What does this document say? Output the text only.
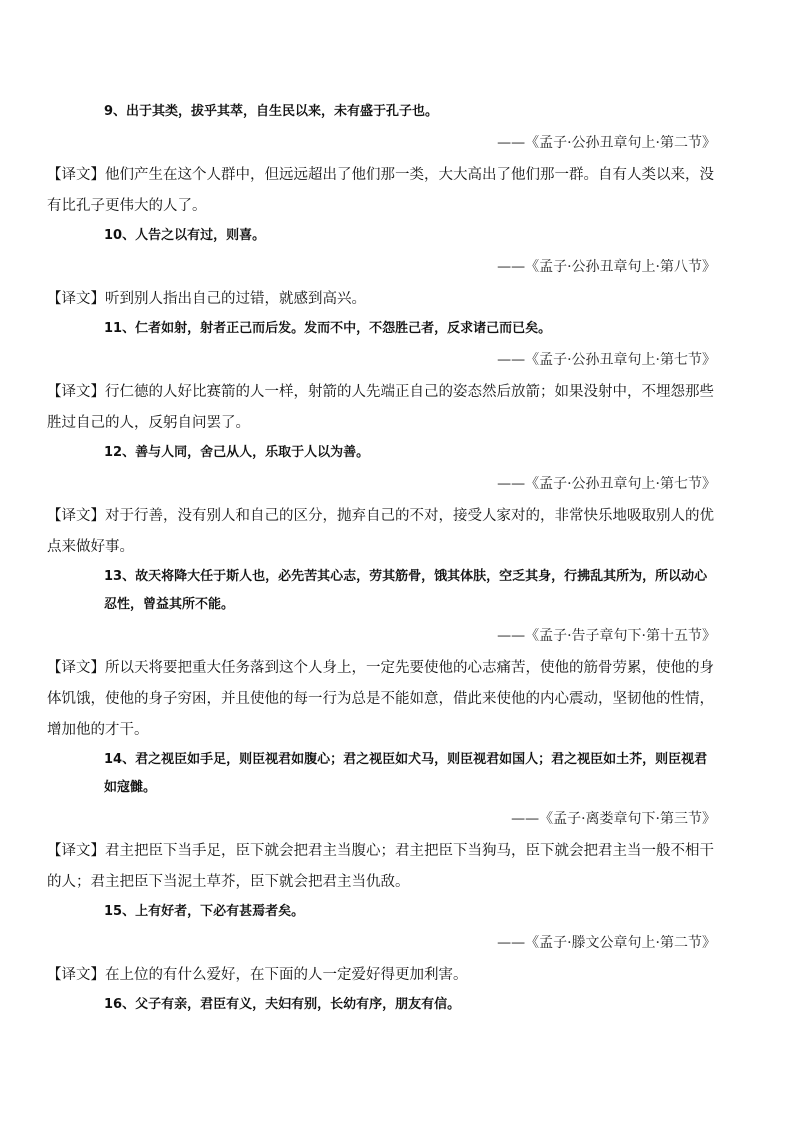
9、出于其类，拔乎其萃，自生民以来，未有盛于孔子也。

——《孟子·公孙丑章句上·第二节》

【译文】他们产生在这个人群中，但远远超出了他们那一类，大大高出了他们那一群。自有人类以来，没有比孔子更伟大的人了。

10、人告之以有过，则喜。

——《孟子·公孙丑章句上·第八节》

【译文】听到别人指出自己的过错，就感到高兴。

11、仁者如射，射者正己而后发。发而不中，不怨胜己者，反求诸己而已矣。

——《孟子·公孙丑章句上·第七节》

【译文】行仁德的人好比赛箭的人一样，射箭的人先端正自己的姿态然后放箭；如果没射中，不埋怨那些胜过自己的人，反躬自问罢了。

12、善与人同，舍己从人，乐取于人以为善。

——《孟子·公孙丑章句上·第七节》

【译文】对于行善，没有别人和自己的区分，抛弃自己的不对，接受人家对的，非常快乐地吸取别人的优点来做好事。

13、故天将降大任于斯人也，必先苦其心志，劳其筋骨，饿其体肤，空乏其身，行拂乱其所为，所以动心忍性，曾益其所不能。

——《孟子·告子章句下·第十五节》

【译文】所以天将要把重大任务落到这个人身上，一定先要使他的心志痛苦，使他的筋骨劳累，使他的身体饥饿，使他的身子穷困，并且使他的每一行为总是不能如意，借此来使他的内心震动，坚韧他的性情，增加他的才干。

14、君之视臣如手足，则臣视君如腹心；君之视臣如犬马，则臣视君如国人；君之视臣如土芥，则臣视君如寇雠。

——《孟子·离娄章句下·第三节》

【译文】君主把臣下当手足，臣下就会把君主当腹心；君主把臣下当狗马，臣下就会把君主当一般不相干的人；君主把臣下当泥土草芥，臣下就会把君主当仇敌。

15、上有好者，下必有甚焉者矣。

——《孟子·滕文公章句上·第二节》

【译文】在上位的有什么爱好，在下面的人一定爱好得更加利害。

16、父子有亲，君臣有义，夫妇有别，长幼有序，朋友有信。
